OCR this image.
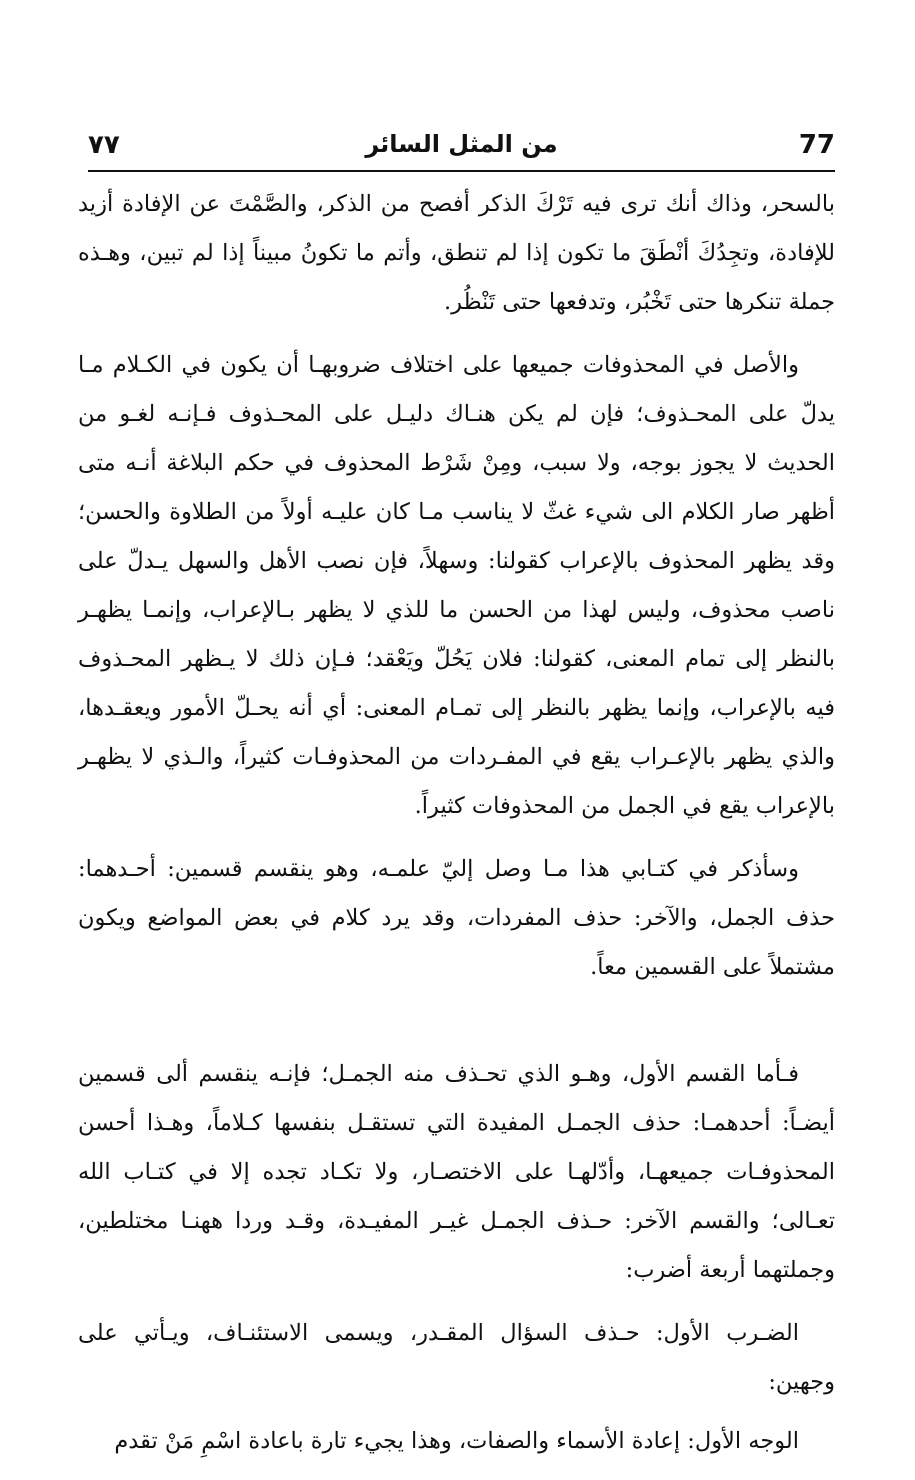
٧٧	من المثل السائر	77

بالسحر، وذاك أنك ترى فيه تَرْكَ الذكر أفصح من الذكر، والصَّمْتَ عن الإفادة أزيد للإفادة، وتجِدُكَ أنْطَقَ ما تكون إذا لم تنطق، وأتم ما تكونُ مبيناً إذا لم تبين، وهـذه جملة تنكرها حتى تَخْبُر، وتدفعها حتى تَنْظُر.

والأصل في المحذوفات جميعها على اختلاف ضروبهـا أن يكون في الكـلام مـا يدلّ على المحـذوف؛ فإن لم يكن هنـاك دليـل على المحـذوف فـإنـه لغـو من الحديث لا يجوز بوجه، ولا سبب، ومِنْ شَرْط المحذوف في حكم البلاغة أنـه متى أظهر صار الكلام الى شيء غثّ لا يناسب مـا كان عليـه أولاً من الطلاوة والحسن؛ وقد يظهر المحذوف بالإعراب كقولنا: وسهلاً، فإن نصب الأهل والسهل يـدلّ على ناصب محذوف، وليس لهذا من الحسن ما للذي لا يظهر بـالإعراب، وإنمـا يظهـر بالنظر إلى تمام المعنى، كقولنا: فلان يَحُلّ ويَعْقد؛ فـإن ذلك لا يـظهر المحـذوف فيه بالإعراب، وإنما يظهر بالنظر إلى تمـام المعنى: أي أنه يحـلّ الأمور ويعقـدها، والذي يظهر بالإعـراب يقع في المفـردات من المحذوفـات كثيراً، والـذي لا يظهـر بالإعراب يقع في الجمل من المحذوفات كثيراً.

وسأذكر في كتـابي هذا مـا وصل إليّ علمـه، وهو ينقسم قسمين: أحـدهما: حذف الجمل، والآخر: حذف المفردات، وقد يرد كلام في بعض المواضع ويكون مشتملاً على القسمين معاً.

فـأما القسم الأول، وهـو الذي تحـذف منه الجمـل؛ فإنـه ينقسم ألى قسمين أيضـاً: أحدهمـا: حذف الجمـل المفيدة التي تستقـل بنفسها كـلاماً، وهـذا أحسن المحذوفـات جميعهـا، وأدّلهـا على الاختصـار، ولا تكـاد تجده إلا في كتـاب الله تعـالى؛ والقسم الآخر: حـذف الجمـل غيـر المفيـدة، وقـد وردا ههنـا مختلطين، وجملتهما أربعة أضرب:

الضـرب الأول: حـذف السؤال المقـدر، ويسمى الاستئنـاف، ويـأتي على وجهين:

الوجه الأول: إعادة الأسماء والصفات، وهذا يجيء تارة باعادة اسْمِ مَنْ تقدم
